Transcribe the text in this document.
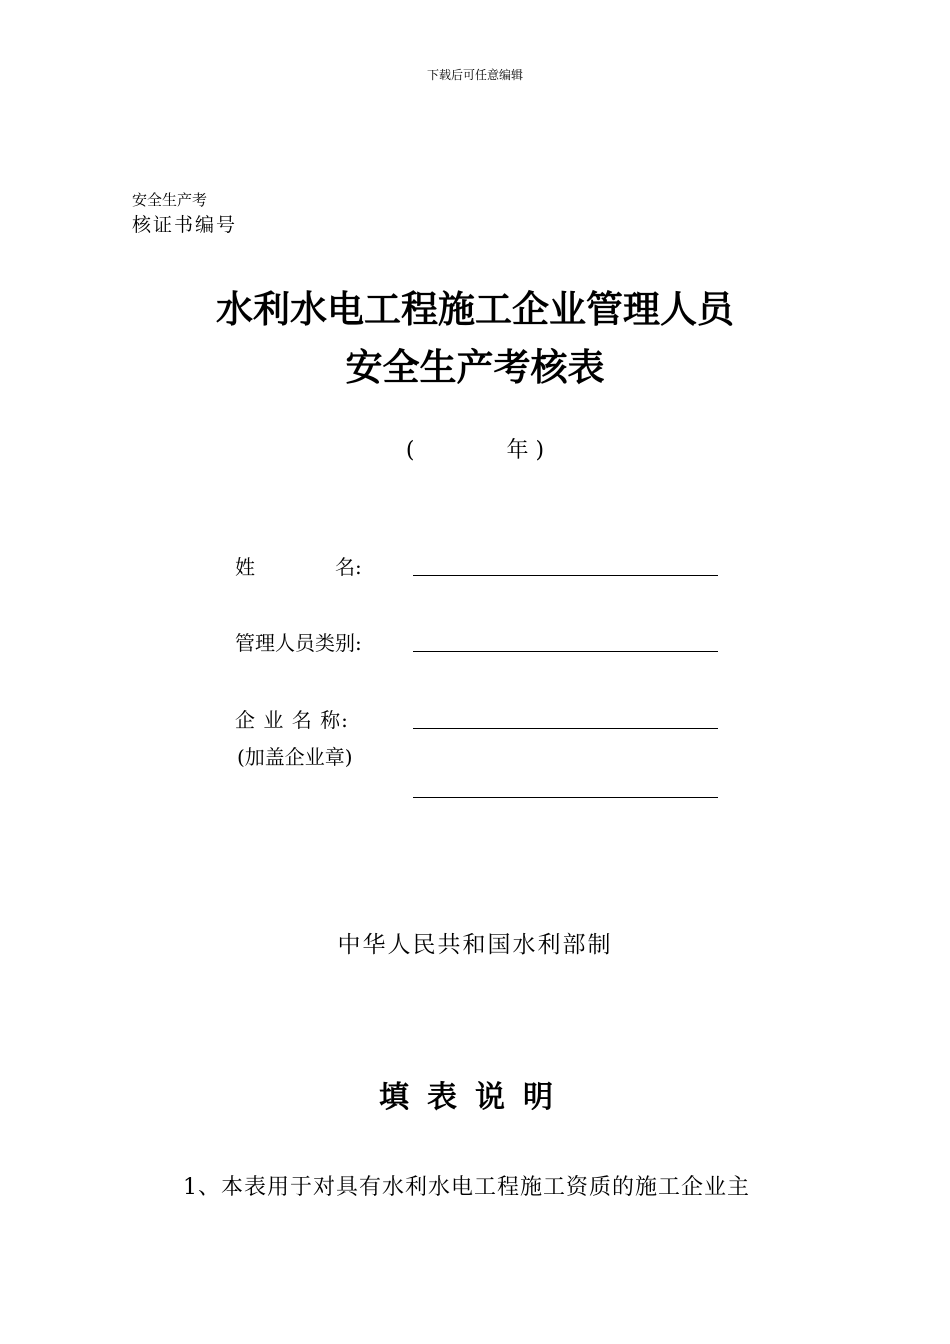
下载后可任意编辑
安全生产考
核证书编号
水利水电工程施工企业管理人员
安全生产考核表
(	年 )
姓　　　　名:
管理人员类别:
企 业 名 称:
(加盖企业章)
中华人民共和国水利部制
填表说明
1、本表用于对具有水利水电工程施工资质的施工企业主
